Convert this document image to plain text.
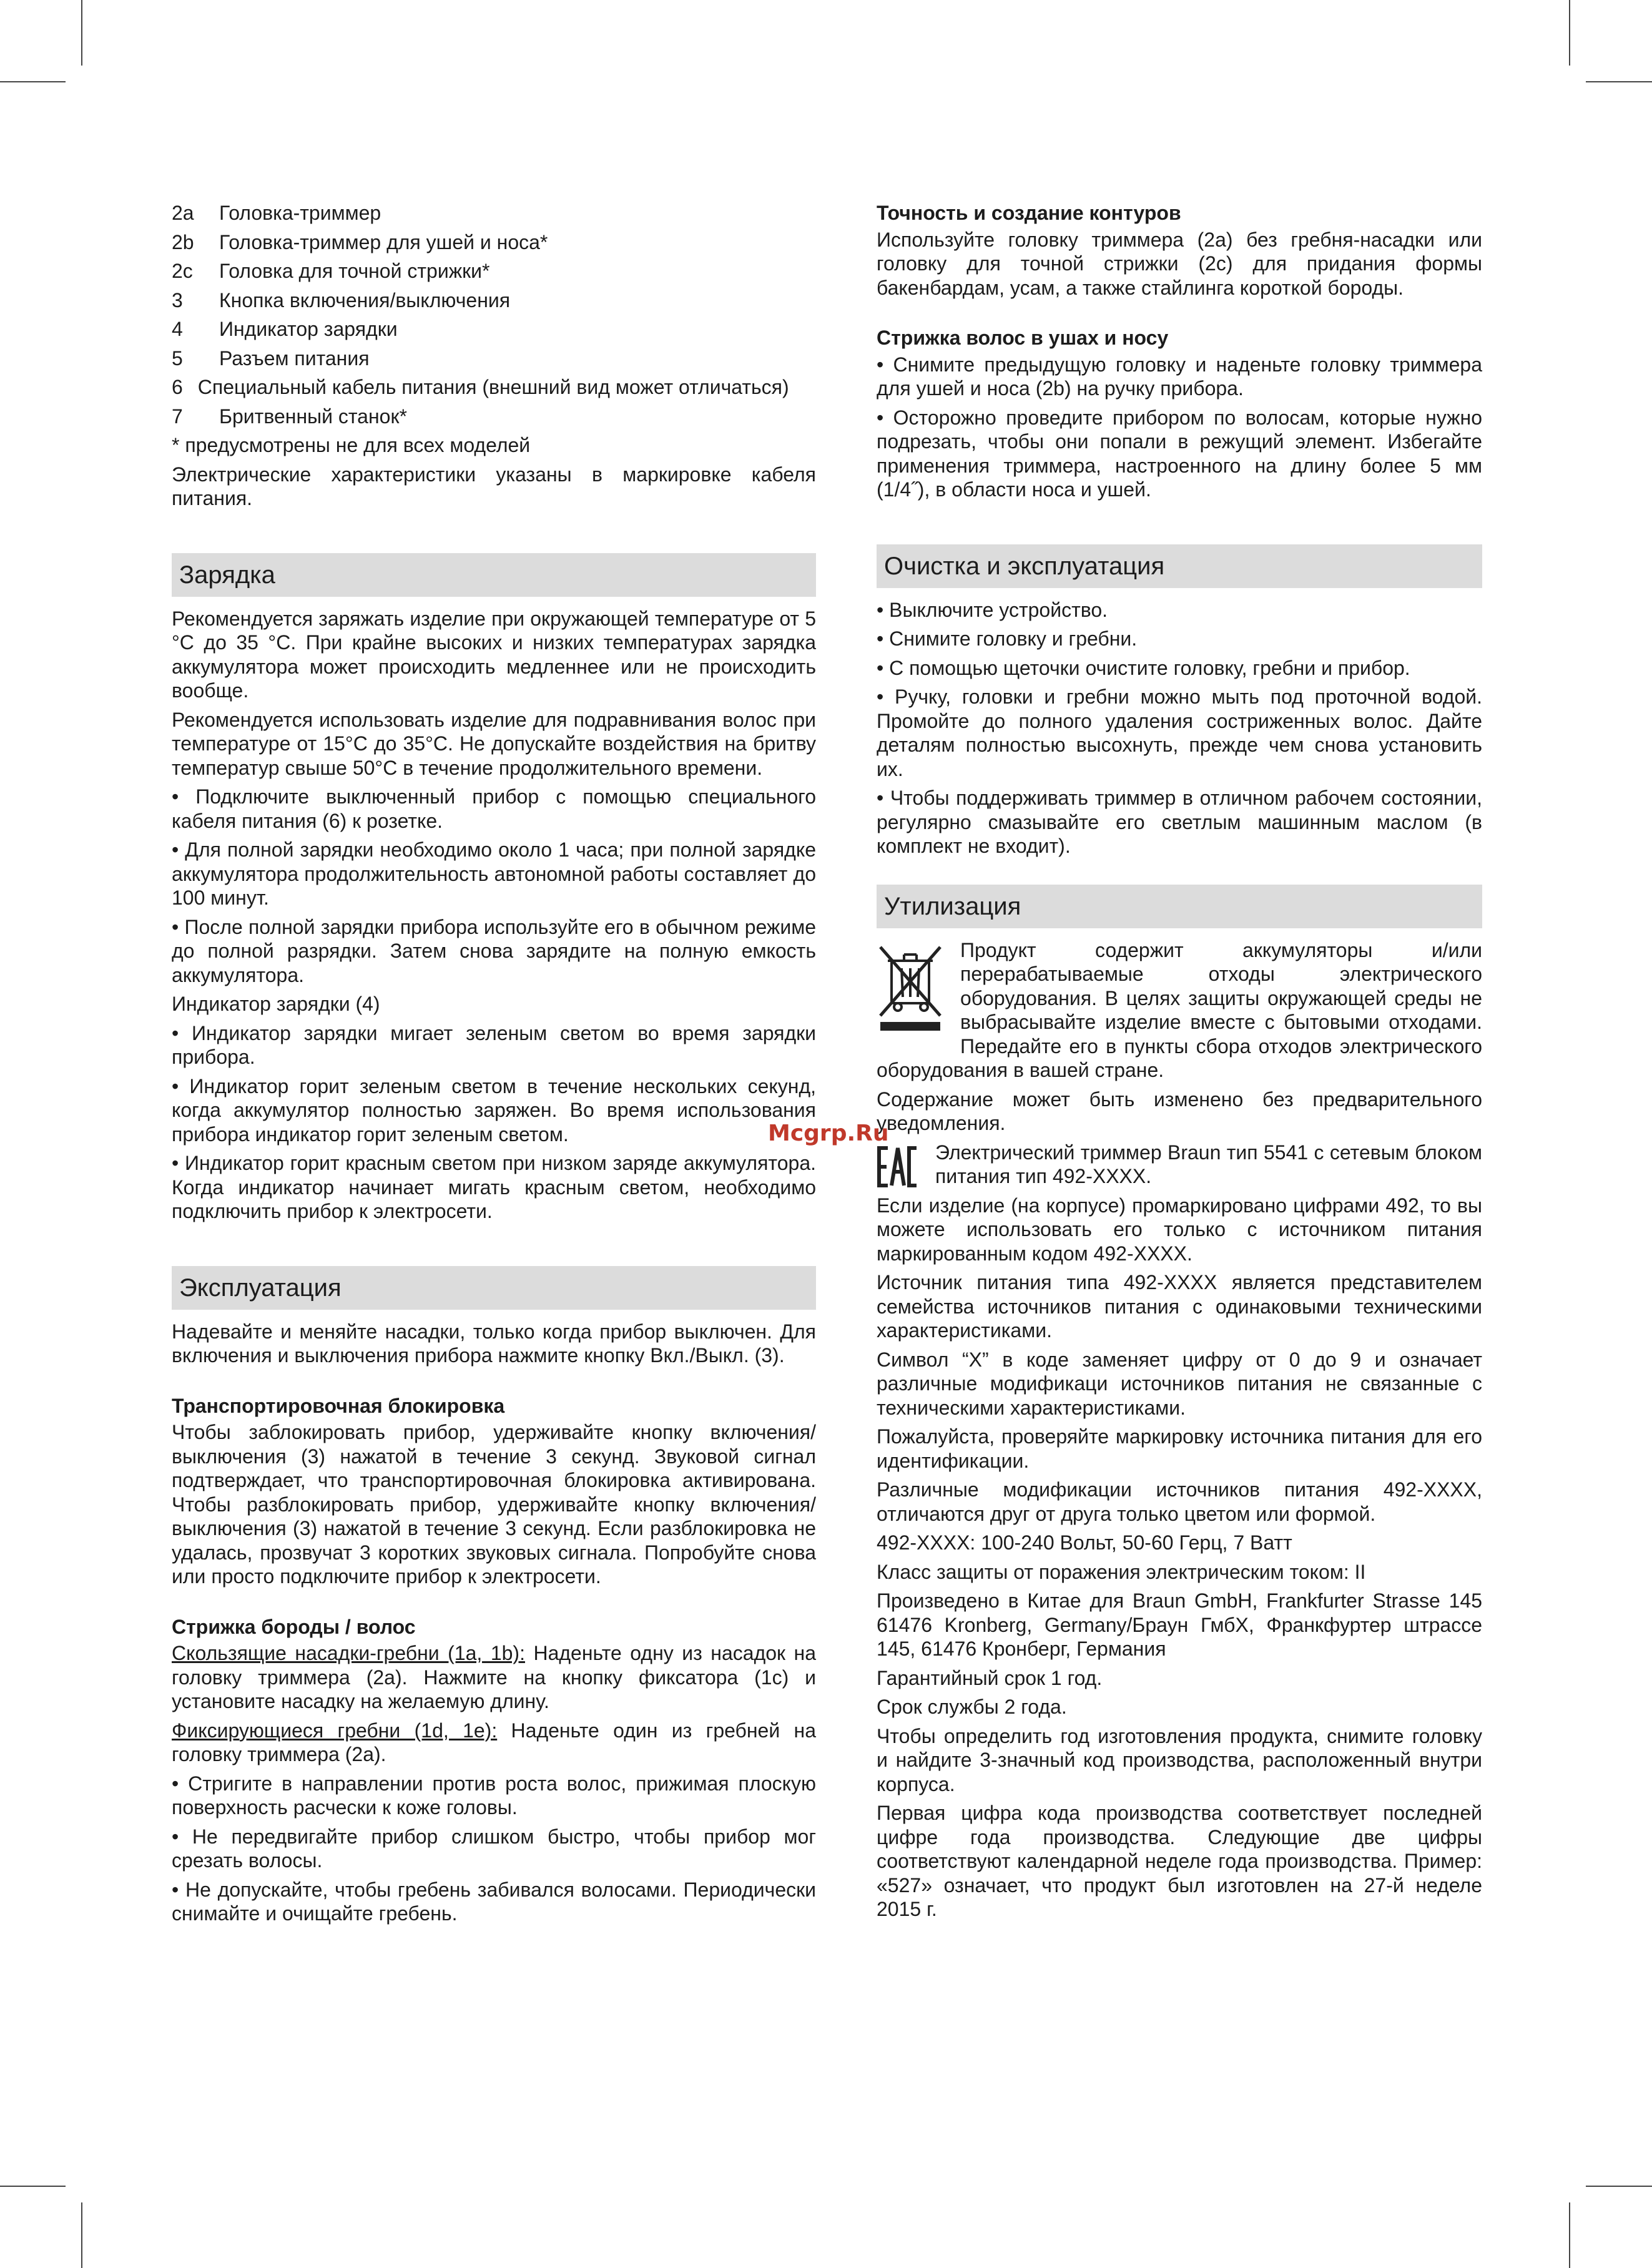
2a	Головка-триммер
2b	Головка-триммер для ушей и носа*
2c	Головка для точной стрижки*
3	Кнопка включения/выключения
4	Индикатор зарядки
5	Разъем питания
6 Специальный кабель питания (внешний вид может отличаться)
7	Бритвенный станок*

* предусмотрены не для всех моделей

Электрические характеристики указаны в маркировке кабеля питания.

Зарядка

Рекомендуется заряжать изделие при окружающей температуре от 5 °C до 35 °C. При крайне высоких и низких температурах зарядка аккумулятора может происходить медленнее или не происходить вообще.

Рекомендуется использовать изделие для подравнивания волос при температуре от 15°C до 35°C. Не допускайте воздействия на бритву температур свыше 50°C в течение продолжительного времени.

• Подключите выключенный прибор с помощью специального кабеля питания (6) к розетке.

• Для полной зарядки необходимо около 1 часа; при полной зарядке аккумулятора продолжительность автономной работы составляет до 100 минут.

• После полной зарядки прибора используйте его в обычном режиме до полной разрядки. Затем снова зарядите на полную емкость аккумулятора.

Индикатор зарядки (4)

• Индикатор зарядки мигает зеленым светом во время зарядки прибора.

• Индикатор горит зеленым светом в течение нескольких секунд, когда аккумулятор полностью заряжен. Во время использования прибора индикатор горит зеленым светом.

• Индикатор горит красным светом при низком заряде аккумулятора. Когда индикатор начинает мигать красным светом, необходимо подключить прибор к электросети.

Эксплуатация

Надевайте и меняйте насадки, только когда прибор выключен. Для включения и выключения прибора нажмите кнопку Вкл./Выкл. (3).

Транспортировочная блокировка

Чтобы заблокировать прибор, удерживайте кнопку включения/выключения (3) нажатой в течение 3 секунд. Звуковой сигнал подтверждает, что транспортировочная блокировка активирована. Чтобы разблокировать прибор, удерживайте кнопку включения/выключения (3) нажатой в течение 3 секунд. Если разблокировка не удалась, прозвучат 3 коротких звуковых сигнала. Попробуйте снова или просто подключите прибор к электросети.

Стрижка бороды / волос

Скользящие насадки-гребни (1a, 1b): Наденьте одну из насадок на головку триммера (2a). Нажмите на кнопку фиксатора (1c) и установите насадку на желаемую длину.

Фиксирующиеся гребни (1d, 1e): Наденьте один из гребней на головку триммера (2a).

• Стригите в направлении против роста волос, прижимая плоскую поверхность расчески к коже головы.

• Не передвигайте прибор слишком быстро, чтобы прибор мог срезать волосы.

• Не допускайте, чтобы гребень забивался волосами. Периодически снимайте и очищайте гребень.

Точность и создание контуров

Используйте головку триммера (2a) без гребня-насадки или головку для точной стрижки (2c) для придания формы бакенбардам, усам, а также стайлинга короткой бороды.

Стрижка волос в ушах и носу

• Снимите предыдущую головку и наденьте головку триммера для ушей и носа (2b) на ручку прибора.

• Осторожно проведите прибором по волосам, которые нужно подрезать, чтобы они попали в режущий элемент. Избегайте применения триммера, настроенного на длину более 5 мм (1/4˝), в области носа и ушей.

Очистка и эксплуатация

• Выключите устройство.

• Снимите головку и гребни.

• С помощью щеточки очистите головку, гребни и прибор.

• Ручку, головки и гребни можно мыть под проточной водой. Промойте до полного удаления состриженных волос. Дайте деталям полностью высохнуть, прежде чем снова установить их.

• Чтобы поддерживать триммер в отличном рабочем состоянии, регулярно смазывайте его светлым машинным маслом (в комплект не входит).

Утилизация

Продукт содержит аккумуляторы и/или перерабатываемые отходы электрического оборудования. В целях защиты окружающей среды не выбрасывайте изделие вместе с бытовыми отходами. Передайте его в пункты сбора отходов электрического оборудования в вашей стране.

Содержание может быть изменено без предварительного уведомления.

Электрический триммер Braun тип 5541 с сетевым блоком питания тип 492-XXXX.

Если изделие (на корпусе) промаркировано цифрами 492, то вы можете использовать его только с источником питания маркированным кодом 492-XXXX.

Источник питания типа 492-XXXX является представителем семейства источников питания с одинаковыми техническими характеристиками.

Символ “X” в коде заменяет цифру от 0 до 9 и означает различные модификаци источников питания не связанные с техническими характеристиками.

Пожалуйста, проверяйте маркировку источника питания для его идентификации.

Различные модификации источников питания 492-XXXX, отличаются друг от друга только цветом или формой.

492-XXXX: 100-240 Вольт, 50-60 Герц, 7 Ватт

Класс защиты от поражения электрическим током: II

Произведено в Китае для Braun GmbH, Frankfurter Strasse 145 61476 Kronberg, Germany/Браун ГмбХ, Франкфуртер штрассе 145, 61476 Кронберг, Германия

Гарантийный срок 1 год.

Срок службы 2 года.

Чтобы определить год изготовления продукта, снимите головку и найдите 3-значный код производства, расположенный внутри корпуса.

Первая цифра кода производства соответствует последней цифре года производства. Следующие две цифры соответствуют календарной неделе года производства. Пример: «527» означает, что продукт был изготовлен на 27-й неделе 2015 г.

Mcgrp.Ru
